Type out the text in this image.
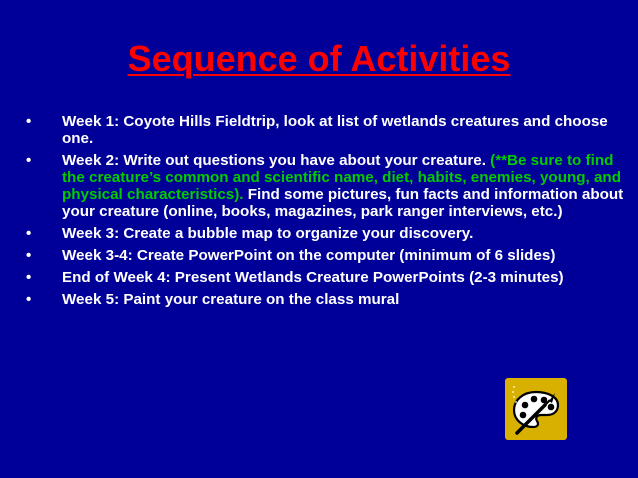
Sequence of Activities
• Week 1: Coyote Hills Fieldtrip, look at list of wetlands creatures and choose one.
• Week 2: Write out questions you have about your creature. (**Be sure to find the creature’s common and scientific name, diet, habits, enemies, young, and physical characteristics). Find some pictures, fun facts and information about your creature (online, books, magazines, park ranger interviews, etc.)
• Week 3: Create a bubble map to organize your discovery.
• Week 3-4: Create PowerPoint on the computer (minimum of 6 slides)
• End of Week 4: Present Wetlands Creature PowerPoints (2-3 minutes)
• Week 5: Paint your creature on the class mural
